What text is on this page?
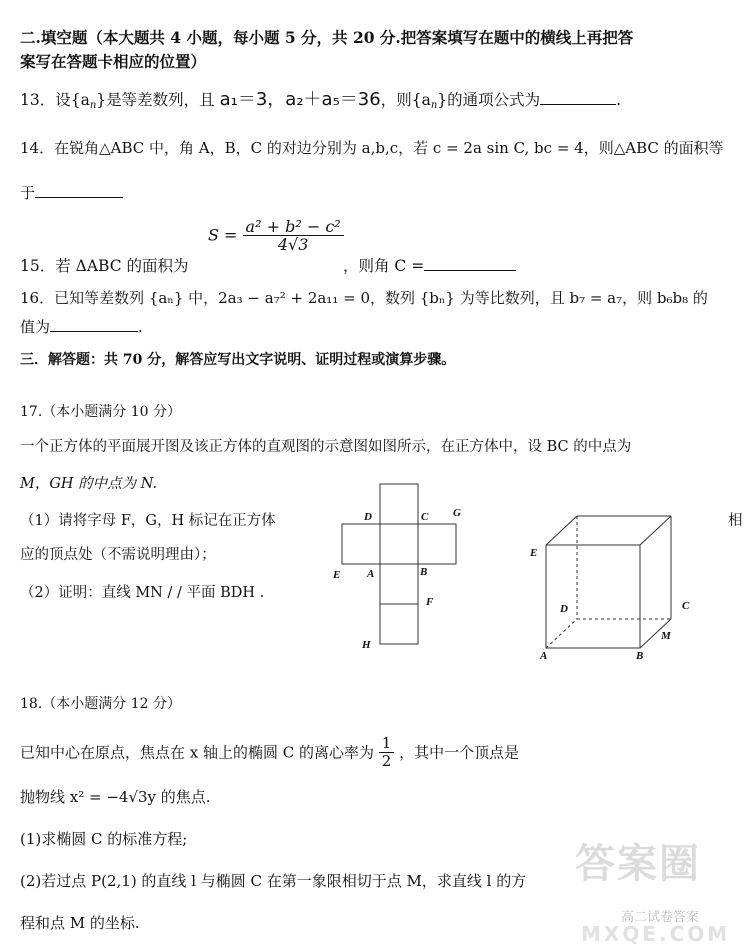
二.填空题（本大题共 4 小题，每小题 5 分，共 20 分.把答案填写在题中的横线上再把答
案写在答题卡相应的位置）
13．设$\{a_n\}$是等差数列，且 a₁＝3，a₂＋a₅＝36，则$\{a_n\}$的通项公式为	.
14．在锐角△ABC 中，角 A，B，C 的对边分别为 a,b,c，若 c = 2a sin C, bc = 4，则△ABC 的面积等
于
$S = \frac{\text{a² + b² − c²}}{4√3}$
15．若 ΔABC 的面积为	，则角 C =
16．已知等差数列 {aₙ} 中，2a₃ − a₇² + 2a₁₁ = 0，数列 {bₙ} 为等比数列，且 b₇ = a₇，则 b₆b₈ 的
值为	.
三．解答题：共 70 分，解答应写出文字说明、证明过程或演算步骤。
17.（本小题满分 10 分）
一个正方体的平面展开图及该正方体的直观图的示意图如图所示，在正方体中，设 BC 的中点为
M，GH 的中点为 N.
（1）请将字母 F，G，H 标记在正方体	相
应的顶点处（不需说明理由）；
（2）证明：直线 MN / / 平面 BDH .
D	C G
E A	B
F
H
E
D	C
M
A	B
18.（本小题满分 12 分）
已知中心在原点，焦点在 x 轴上的椭圆 C 的离心率为 $\frac{1}{2}$ ，其中一个顶点是
抛物线 x² = −4√3y 的焦点.
(1)求椭圆 C 的标准方程;
(2)若过点 P(2,1) 的直线 l 与椭圆 C 在第一象限相切于点 M，求直线 l 的方
程和点 M 的坐标.
答案圈
高二试卷答案
MXQE.COM
